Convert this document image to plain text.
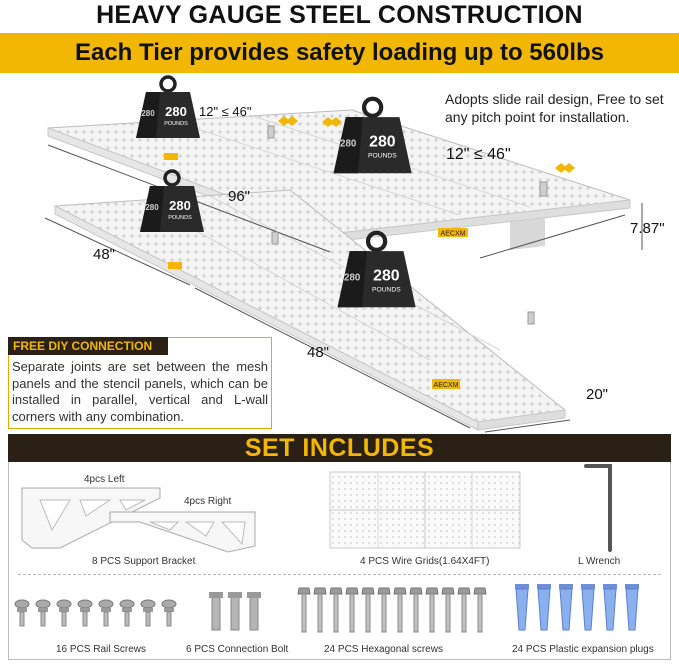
HEAVY GAUGE STEEL CONSTRUCTION
Each Tier provides safety loading up to 560lbs
AECXM
AECXM
280
POUNDS
280
280
POUNDS
280
280
POUNDS
280
280
POUNDS
280
12" ≤ 46"
12" ≤ 46"
96"
48"
48"
7.87"
20"
Adopts slide rail design, Free to set any pitch point for installation.
FREE DIY CONNECTION
Separate joints are set between the mesh panels and the stencil panels, which can be installed in parallel, vertical and L-wall corners with any combination.
SET INCLUDES
4pcs Left
4pcs Right
8 PCS Support Bracket	4 PCS Wire Grids(1.64X4FT)	L Wrench
16 PCS Rail Screws	6 PCS Connection Bolt	24 PCS Hexagonal screws	24 PCS Plastic expansion plugs
